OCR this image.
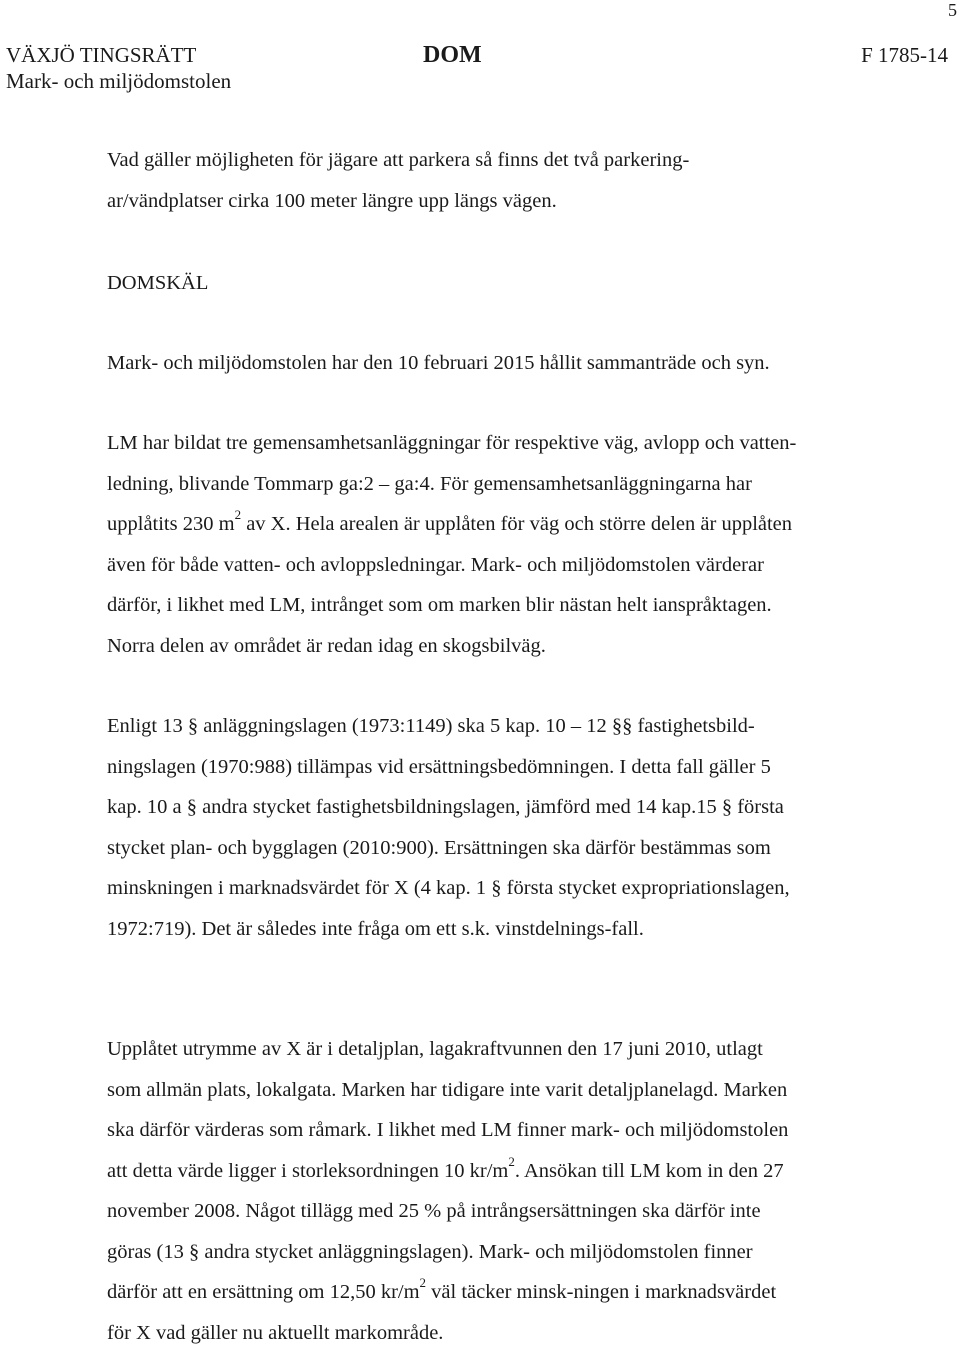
5
VÄXJÖ TINGSRÄTT
Mark- och miljödomstolen
DOM	F 1785-14
Vad gäller möjligheten för jägare att parkera så finns det två parkering-
ar/vändplatser cirka 100 meter längre upp längs vägen.
DOMSKÄL
Mark- och miljödomstolen har den 10 februari 2015 hållit sammanträde och syn.
LM har bildat tre gemensamhetsanläggningar för respektive väg, avlopp och vatten-
ledning, blivande Tommarp ga:2 – ga:4. För gemensamhetsanläggningarna har
upplåtits 230 $m^2$ av X. Hela arealen är upplåten för väg och större delen är upplåten
även för både vatten- och avloppsledningar. Mark- och miljödomstolen värderar
därför, i likhet med LM, intrånget som om marken blir nästan helt ianspråktagen.
Norra delen av området är redan idag en skogsbilväg.
Enligt 13 § anläggningslagen (1973:1149) ska 5 kap. 10 – 12 §§ fastighetsbild-
ningslagen (1970:988) tillämpas vid ersättningsbedömningen. I detta fall gäller 5
kap. 10 a § andra stycket fastighetsbildningslagen, jämförd med 14 kap.15 § första
stycket plan- och bygglagen (2010:900). Ersättningen ska därför bestämmas som
minskningen i marknadsvärdet för X (4 kap. 1 § första stycket expropriationslagen,
1972:719). Det är således inte fråga om ett s.k. vinstdelnings-fall.
Upplåtet utrymme av X är i detaljplan, lagakraftvunnen den 17 juni 2010, utlagt
som allmän plats, lokalgata. Marken har tidigare inte varit detaljplanelagd. Marken
ska därför värderas som råmark. I likhet med LM finner mark- och miljödomstolen
att detta värde ligger i storleksordningen 10 $kr/m^2$. Ansökan till LM kom in den 27
november 2008. Något tillägg med 25 % på intrångsersättningen ska därför inte
göras (13 § andra stycket anläggningslagen). Mark- och miljödomstolen finner
därför att en ersättning om 12,50 $kr/m^2$ väl täcker minsk-ningen i marknadsvärdet
för X vad gäller nu aktuellt markområde.
